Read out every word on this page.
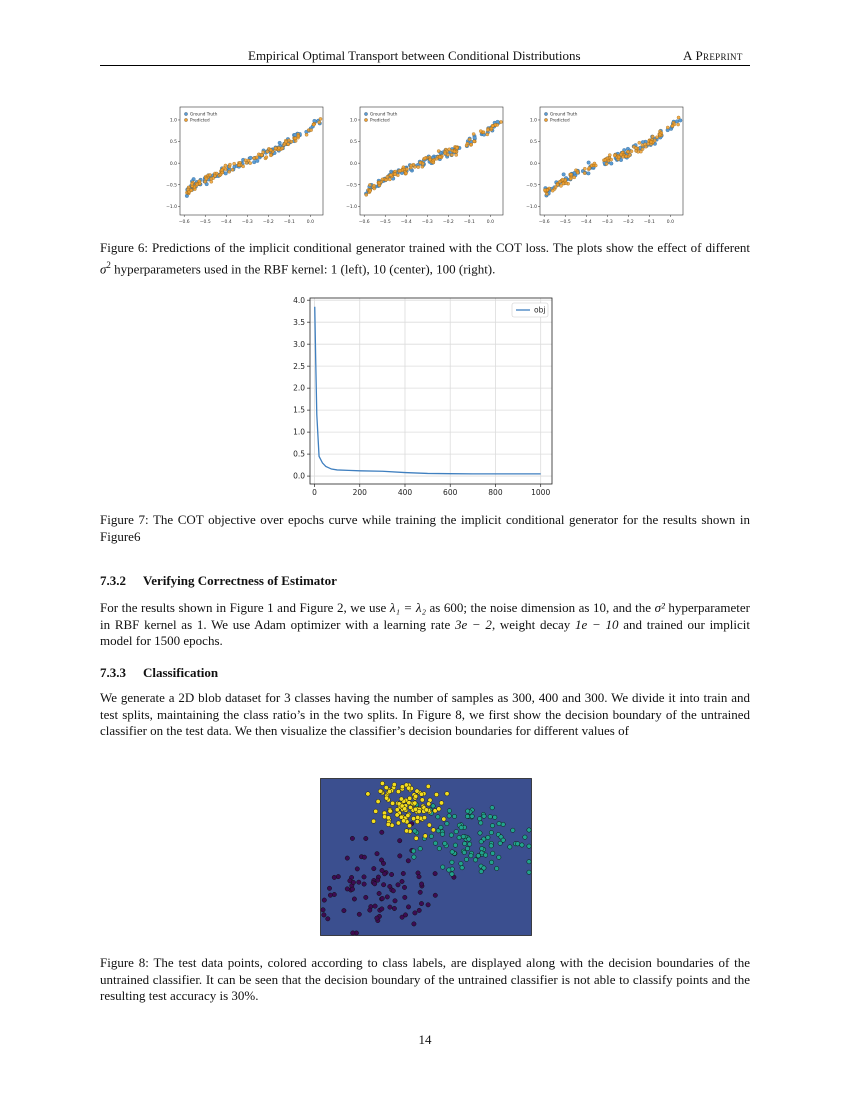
Empirical Optimal Transport between Conditional Distributions	A Preprint
−0.6 −0.5 −0.4 −0.3 −0.2 −0.1	0.0
−1.0
−0.5
0.0
0.5
1.0
Ground Truth
Predicted
−0.6 −0.5 −0.4 −0.3 −0.2 −0.1	0.0
−1.0
−0.5
0.0
0.5
1.0
Ground Truth
Predicted
−0.6 −0.5 −0.4 −0.3 −0.2 −0.1	0.0
−1.0
−0.5
0.0
0.5
1.0
Ground Truth
Predicted
Figure 6: Predictions of the implicit conditional generator trained with the COT loss. The plots show the effect of different $\sigma^2$ hyperparameters used in the RBF kernel: 1 (left), 10 (center), 100 (right).
0	200	400	600	800	1000
0.0
0.5
1.0
1.5
2.0
2.5
3.0
3.5
4.0
obj
Figure 7: The COT objective over epochs curve while training the implicit conditional generator for the results shown in Figure6
7.3.2 Verifying Correctness of Estimator
For the results shown in Figure 1 and Figure 2, we use λ₁ = λ₂ as 600; the noise dimension as 10, and the σ² hyperparameter in RBF kernel as 1. We use Adam optimizer with a learning rate 3e − 2, weight decay 1e − 10 and trained our implicit model for 1500 epochs.
7.3.3 Classification
We generate a 2D blob dataset for 3 classes having the number of samples as 300, 400 and 300. We divide it into train and test splits, maintaining the class ratio’s in the two splits. In Figure 8, we first show the decision boundary of the untrained classifier on the test data. We then visualize the classifier’s decision boundaries for different values of
Figure 8: The test data points, colored according to class labels, are displayed along with the decision boundaries of the untrained classifier. It can be seen that the decision boundary of the untrained classifier is not able to classify points and the resulting test accuracy is 30%.
14
